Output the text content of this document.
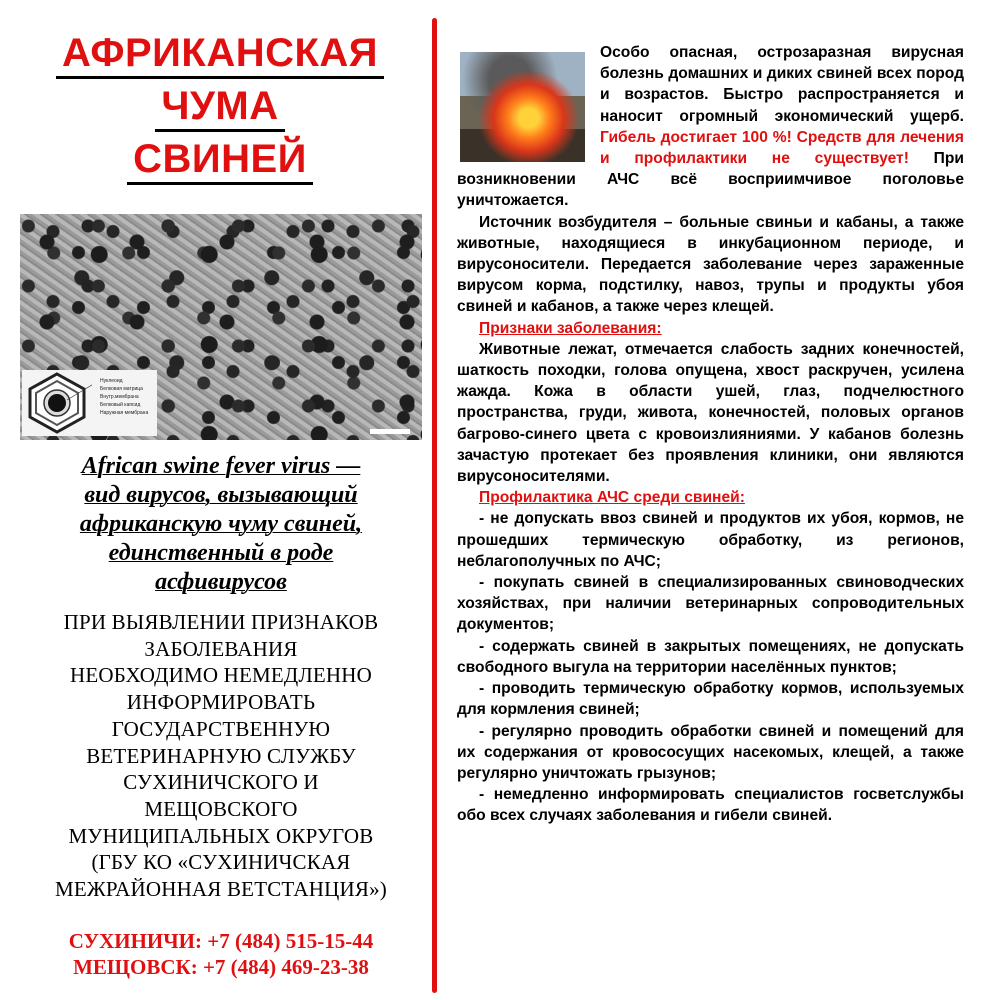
АФРИКАНСКАЯ
ЧУМА
СВИНЕЙ
Нуклеоид
Белковая матрица
Внутр.мембрана
Белковый капсид
Наружная мембрана
African swine fever virus —
вид вирусов, вызывающий
африканскую чуму свиней,
единственный в роде
асфивирусов
ПРИ ВЫЯВЛЕНИИ ПРИЗНАКОВ
ЗАБОЛЕВАНИЯ
НЕОБХОДИМО НЕМЕДЛЕННО
ИНФОРМИРОВАТЬ
ГОСУДАРСТВЕННУЮ
ВЕТЕРИНАРНУЮ СЛУЖБУ
СУХИНИЧСКОГО И
МЕЩОВСКОГО
МУНИЦИПАЛЬНЫХ ОКРУГОВ
(ГБУ КО «СУХИНИЧСКАЯ
МЕЖРАЙОННАЯ ВЕТСТАНЦИЯ»)
СУХИНИЧИ: +7 (484) 515-15-44
МЕЩОВСК: +7 (484) 469-23-38

Особо опасная, острозаразная вирусная болезнь домашних и диких свиней всех пород и возрастов. Быстро распространяется и наносит огромный экономический ущерб. Гибель достигает 100 %! Средств для лечения и профилактики не существует! При возникновении АЧС всё восприимчивое поголовье уничтожается.

Источник возбудителя – больные свиньи и кабаны, а также животные, находящиеся в инкубационном периоде, и вирусоносители. Передается заболевание через зараженные вирусом корма, подстилку, навоз, трупы и продукты убоя свиней и кабанов, а также через клещей.

Признаки заболевания:

Животные лежат, отмечается слабость задних конечностей, шаткость походки, голова опущена, хвост раскручен, усилена жажда. Кожа в области ушей, глаз, подчелюстного пространства, груди, живота, конечностей, половых органов багрово-синего цвета с кровоизлияниями. У кабанов болезнь зачастую протекает без проявления клиники, они являются вирусоносителями.

Профилактика АЧС среди свиней:

- не допускать ввоз свиней и продуктов их убоя, кормов, не прошедших термическую обработку, из регионов, неблагополучных по АЧС;

- покупать свиней в специализированных свиноводческих хозяйствах, при наличии ветеринарных сопроводительных документов;

- содержать свиней в закрытых помещениях, не допускать свободного выгула на территории населённых пунктов;

- проводить термическую обработку кормов, используемых для кормления свиней;

- регулярно проводить обработки свиней и помещений для их содержания от кровососущих насекомых, клещей, а также регулярно уничтожать грызунов;

- немедленно информировать специалистов госветслужбы обо всех случаях заболевания и гибели свиней.
